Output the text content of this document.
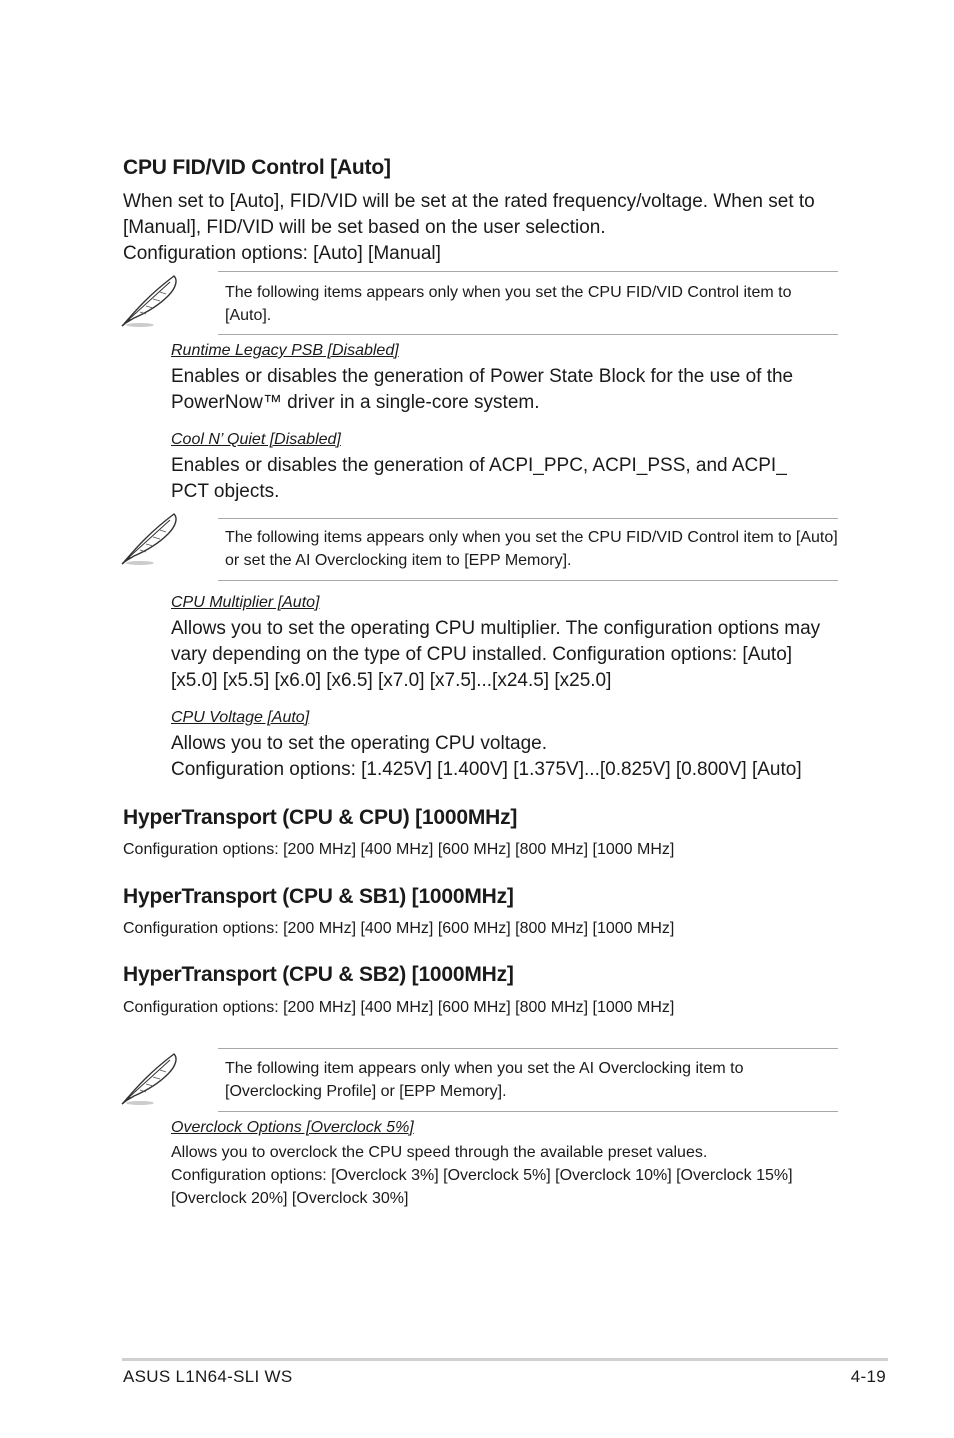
CPU FID/VID Control [Auto]
When set to [Auto], FID/VID will be set at the rated frequency/voltage. When set to [Manual], FID/VID will be set based on the user selection.
Configuration options: [Auto] [Manual]
The following items appears only when you set the CPU FID/VID Control item to [Auto].
Runtime Legacy PSB [Disabled]
Enables or disables the generation of Power State Block for the use of the PowerNow™ driver in a single-core system.
Cool N’ Quiet [Disabled]
Enables or disables the generation of ACPI_PPC, ACPI_PSS, and ACPI_ PCT objects.
The following items appears only when you set the CPU FID/VID Control item to [Auto] or set the AI Overclocking item to [EPP Memory].
CPU Multiplier [Auto]
Allows you to set the operating CPU multiplier. The configuration options may vary depending on the type of CPU installed. Configuration options: [Auto] [x5.0] [x5.5] [x6.0] [x6.5] [x7.0] [x7.5]...[x24.5] [x25.0]
CPU Voltage [Auto]
Allows you to set the operating CPU voltage.
Configuration options: [1.425V] [1.400V] [1.375V]...[0.825V] [0.800V] [Auto]
HyperTransport (CPU & CPU) [1000MHz]
Configuration options: [200 MHz] [400 MHz] [600 MHz] [800 MHz] [1000 MHz]
HyperTransport (CPU & SB1) [1000MHz]
Configuration options: [200 MHz] [400 MHz] [600 MHz] [800 MHz] [1000 MHz]
HyperTransport (CPU & SB2) [1000MHz]
Configuration options: [200 MHz] [400 MHz] [600 MHz] [800 MHz] [1000 MHz]
The following item appears only when you set the AI Overclocking item to [Overclocking Profile] or [EPP Memory].
Overclock Options [Overclock 5%]
Allows you to overclock the CPU speed through the available preset values.
Configuration options: [Overclock 3%] [Overclock 5%] [Overclock 10%] [Overclock 15%] [Overclock 20%] [Overclock 30%]
ASUS L1N64-SLI WS	4-19
